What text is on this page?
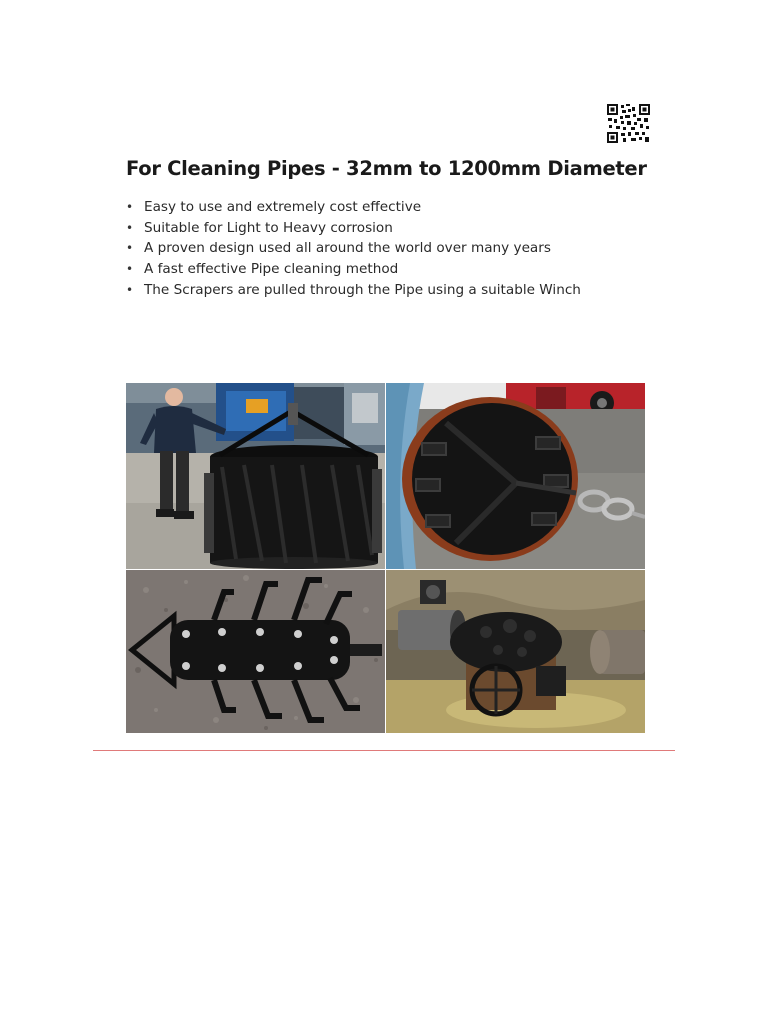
For Cleaning Pipes - 32mm to 1200mm Diameter
• Easy to use and extremely cost effective
• Suitable for Light to Heavy corrosion
• A proven design used all around the world over many years
• A fast effective Pipe cleaning method
• The Scrapers are pulled through the Pipe using a suitable Winch
